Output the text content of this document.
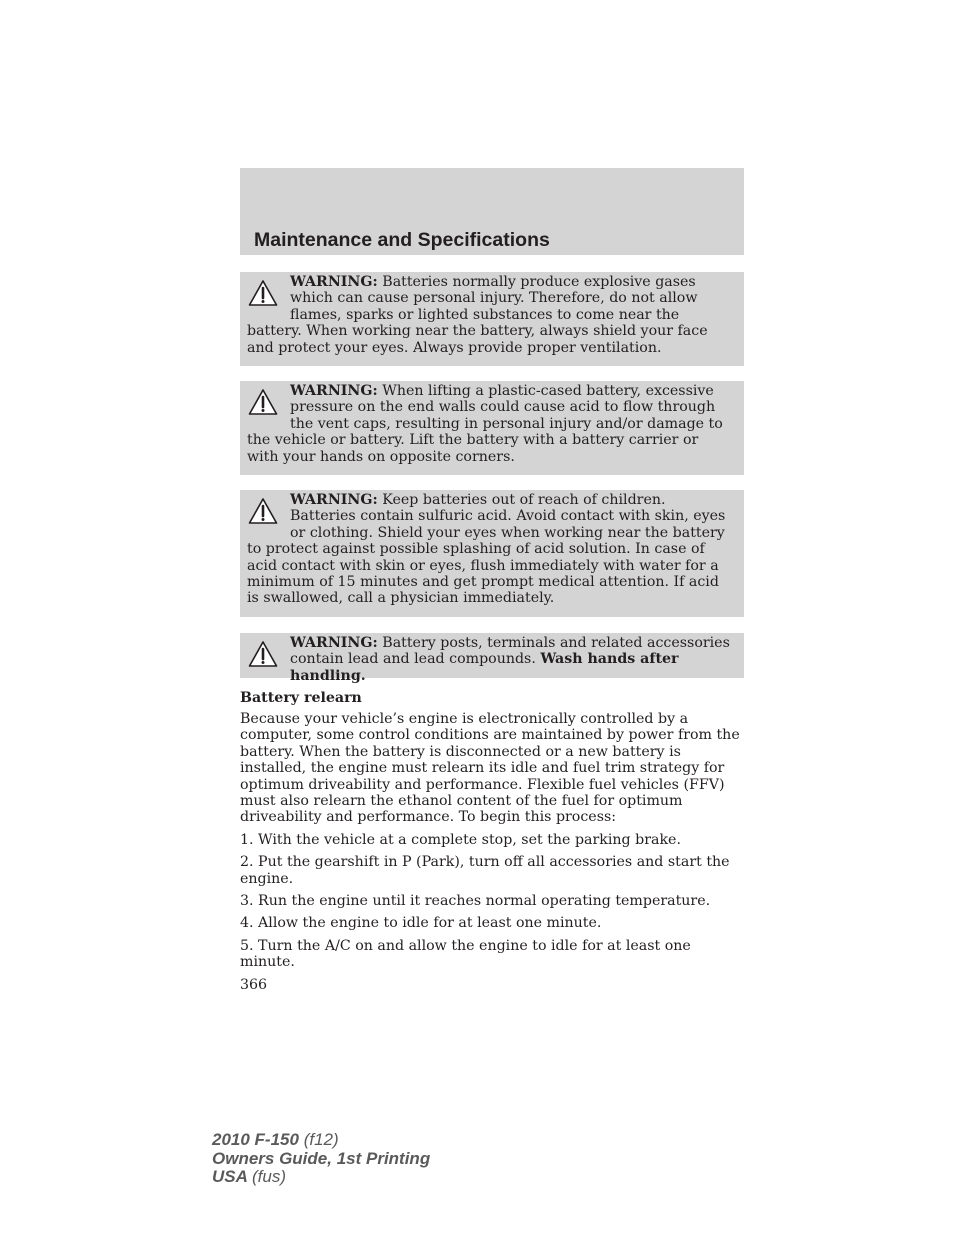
Maintenance and Specifications
WARNING: Batteries normally produce explosive gases which can cause personal injury. Therefore, do not allow flames, sparks or lighted substances to come near the battery. When working near the battery, always shield your face and protect your eyes. Always provide proper ventilation.
WARNING: When lifting a plastic-cased battery, excessive pressure on the end walls could cause acid to flow through the vent caps, resulting in personal injury and/or damage to the vehicle or battery. Lift the battery with a battery carrier or with your hands on opposite corners.
WARNING: Keep batteries out of reach of children. Batteries contain sulfuric acid. Avoid contact with skin, eyes or clothing. Shield your eyes when working near the battery to protect against possible splashing of acid solution. In case of acid contact with skin or eyes, flush immediately with water for a minimum of 15 minutes and get prompt medical attention. If acid is swallowed, call a physician immediately.
WARNING: Battery posts, terminals and related accessories contain lead and lead compounds. Wash hands after handling.
Battery relearn

Because your vehicle’s engine is electronically controlled by a computer, some control conditions are maintained by power from the battery. When the battery is disconnected or a new battery is installed, the engine must relearn its idle and fuel trim strategy for optimum driveability and performance. Flexible fuel vehicles (FFV) must also relearn the ethanol content of the fuel for optimum driveability and performance. To begin this process:

1. With the vehicle at a complete stop, set the parking brake.

2. Put the gearshift in P (Park), turn off all accessories and start the engine.

3. Run the engine until it reaches normal operating temperature.

4. Allow the engine to idle for at least one minute.

5. Turn the A/C on and allow the engine to idle for at least one minute.

366

2010 F-150 (f12)
Owners Guide, 1st Printing
USA (fus)
